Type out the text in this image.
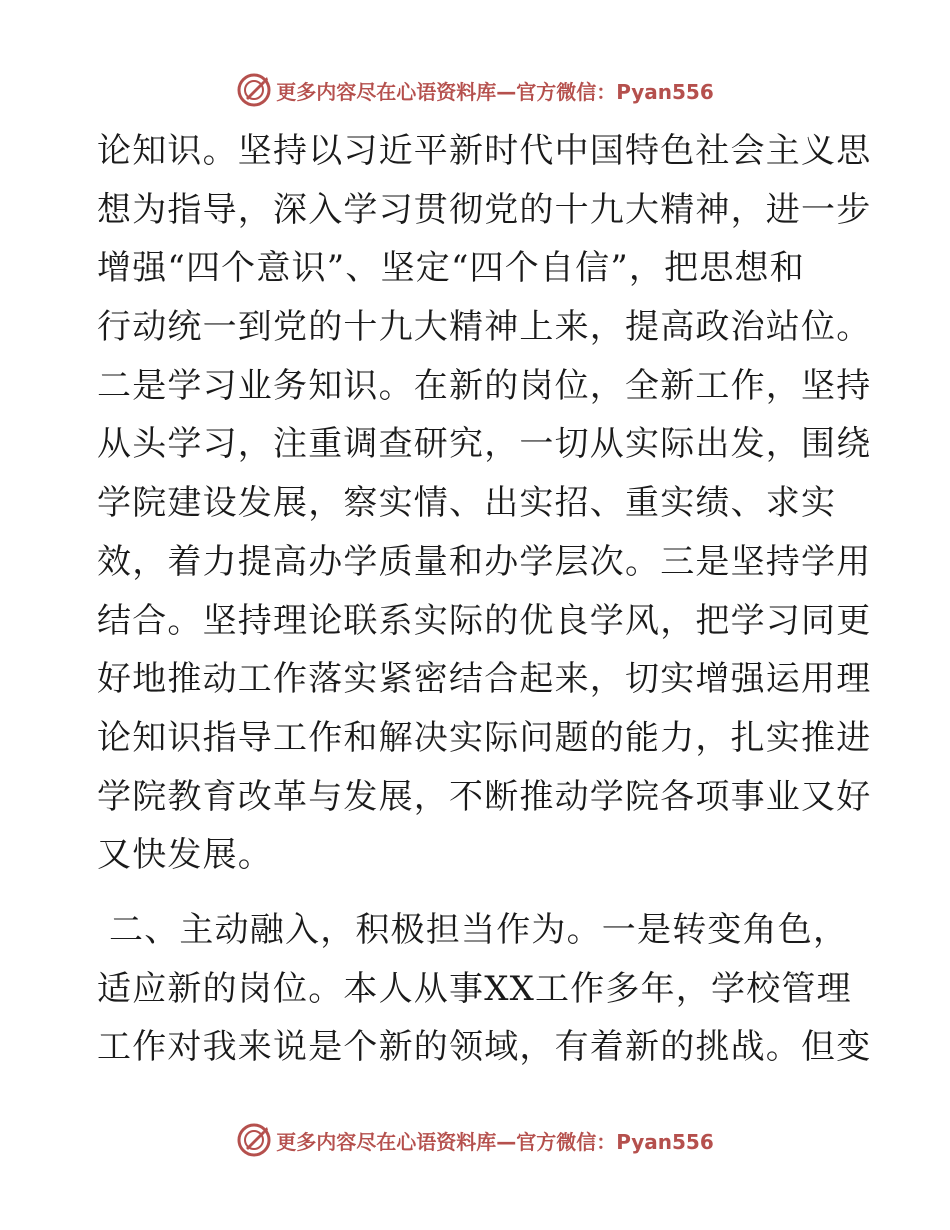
更多内容尽在心语资料库—官方微信：Pyan556
论知识。坚持以习近平新时代中国特色社会主义思
想为指导，深入学习贯彻党的十九大精神，进一步
增强“四个意识”、坚定“四个自信”，把思想和
行动统一到党的十九大精神上来，提高政治站位。
二是学习业务知识。在新的岗位，全新工作，坚持
从头学习，注重调查研究，一切从实际出发，围绕
学院建设发展，察实情、出实招、重实绩、求实
效，着力提高办学质量和办学层次。三是坚持学用
结合。坚持理论联系实际的优良学风，把学习同更
好地推动工作落实紧密结合起来，切实增强运用理
论知识指导工作和解决实际问题的能力，扎实推进
学院教育改革与发展，不断推动学院各项事业又好
又快发展。
二、主动融入，积极担当作为。一是转变角色，
适应新的岗位。本人从事XX工作多年，学校管理
工作对我来说是个新的领域，有着新的挑战。但变
更多内容尽在心语资料库—官方微信：Pyan556
